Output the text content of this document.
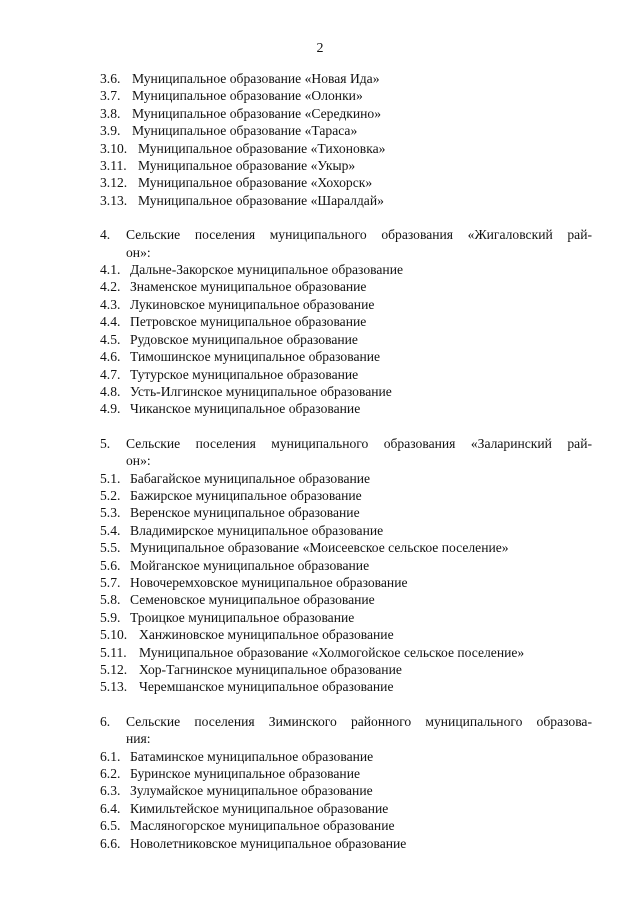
2
3.6. Муниципальное образование «Новая Ида»
3.7. Муниципальное образование «Олонки»
3.8. Муниципальное образование «Середкино»
3.9. Муниципальное образование «Тараса»
3.10. Муниципальное образование «Тихоновка»
3.11. Муниципальное образование «Укыр»
3.12. Муниципальное образование «Хохорск»
3.13. Муниципальное образование «Шаралдай»
4.	Сельские поселения муниципального образования «Жигаловский рай-
он»:
4.1. Дальне-Закорское муниципальное образование
4.2. Знаменское муниципальное образование
4.3. Лукиновское муниципальное образование
4.4. Петровское муниципальное образование
4.5. Рудовское муниципальное образование
4.6. Тимошинское муниципальное образование
4.7. Тутурское муниципальное образование
4.8. Усть-Илгинское муниципальное образование
4.9. Чиканское муниципальное образование
5.	Сельские поселения муниципального образования «Заларинский рай-
он»:
5.1. Бабагайское муниципальное образование
5.2. Бажирское муниципальное образование
5.3. Веренское муниципальное образование
5.4. Владимирское муниципальное образование
5.5. Муниципальное образование «Моисеевское сельское поселение»
5.6. Мойганское муниципальное образование
5.7. Новочеремховское муниципальное образование
5.8. Семеновское муниципальное образование
5.9. Троицкое муниципальное образование
5.10. Ханжиновское муниципальное образование
5.11. Муниципальное образование «Холмогойское сельское поселение»
5.12. Хор-Тагнинское муниципальное образование
5.13. Черемшанское муниципальное образование
6.	Сельские поселения Зиминского районного муниципального образова-
ния:
6.1. Батаминское муниципальное образование
6.2. Буринское муниципальное образование
6.3. Зулумайское муниципальное образование
6.4. Кимильтейское муниципальное образование
6.5. Масляногорское муниципальное образование
6.6. Новолетниковское муниципальное образование
